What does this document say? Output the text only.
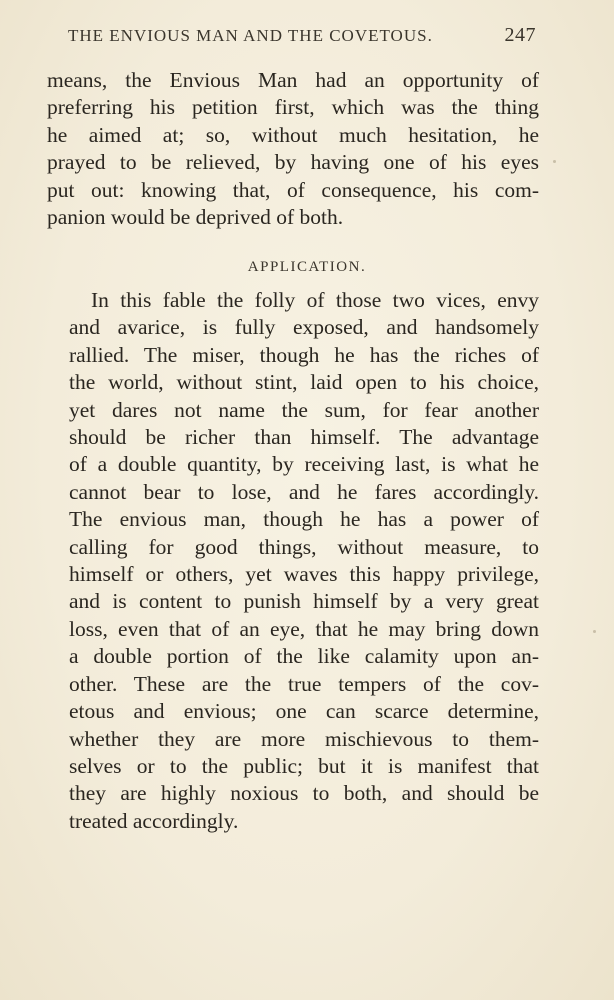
THE ENVIOUS MAN AND THE COVETOUS.	247
means, the Envious Man had an opportunity of
preferring his petition first, which was the thing
he aimed at; so, without much hesitation, he
prayed to be relieved, by having one of his eyes
put out: knowing that, of consequence, his com-
panion would be deprived of both.
APPLICATION.
In this fable the folly of those two vices, envy
and avarice, is fully exposed, and handsomely
rallied. The miser, though he has the riches of
the world, without stint, laid open to his choice,
yet dares not name the sum, for fear another
should be richer than himself. The advantage
of a double quantity, by receiving last, is what he
cannot bear to lose, and he fares accordingly.
The envious man, though he has a power of
calling for good things, without measure, to
himself or others, yet waves this happy privilege,
and is content to punish himself by a very great
loss, even that of an eye, that he may bring down
a double portion of the like calamity upon an-
other. These are the true tempers of the cov-
etous and envious; one can scarce determine,
whether they are more mischievous to them-
selves or to the public; but it is manifest that
they are highly noxious to both, and should be
treated accordingly.
